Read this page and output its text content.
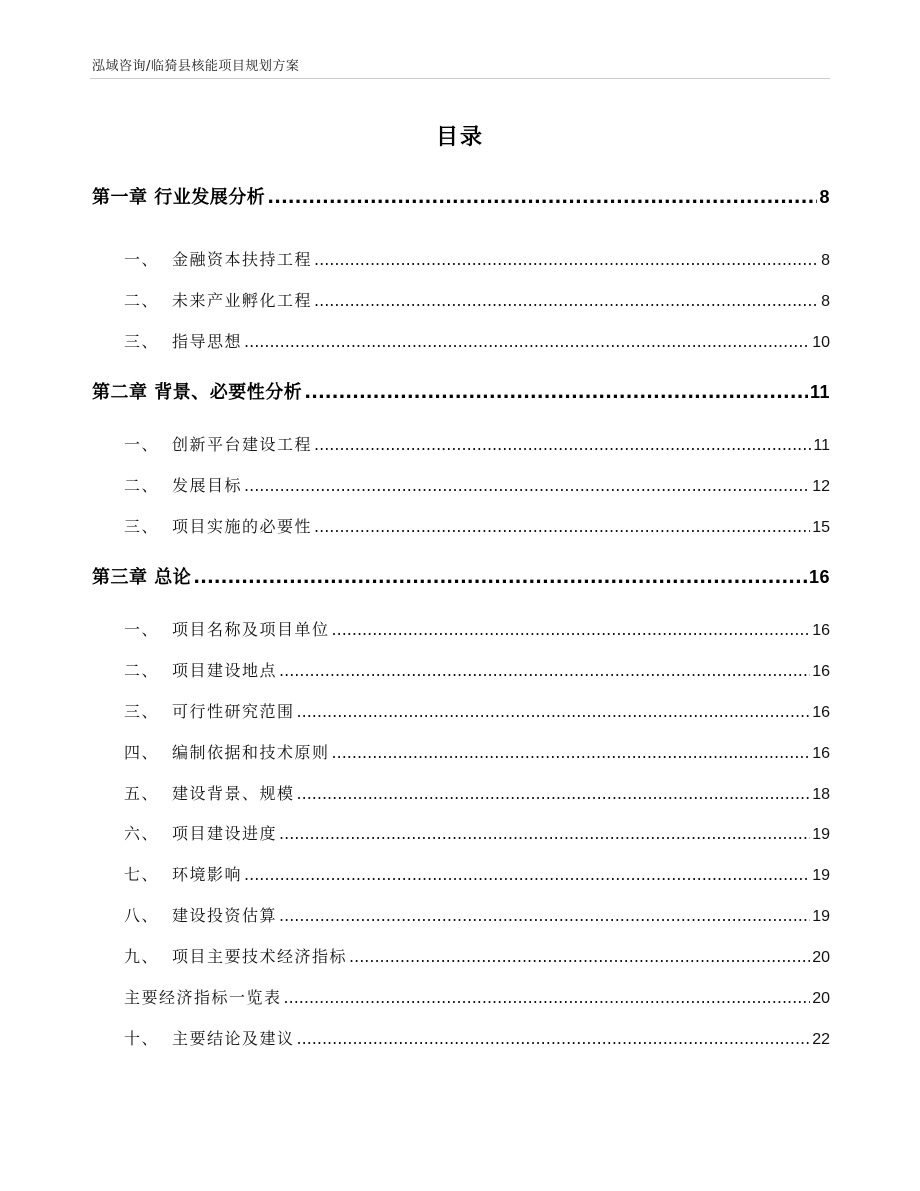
泓域咨询/临猗县核能项目规划方案
目录
第一章 行业发展分析 .....	8
一、 金融资本扶持工程 .....	8
二、 未来产业孵化工程 .....	8
三、 指导思想 .....	10
第二章 背景、必要性分析 .....	11
一、 创新平台建设工程 .....	11
二、 发展目标 .....	12
三、 项目实施的必要性 .....	15
第三章 总论 .....	16
一、 项目名称及项目单位 .....	16
二、 项目建设地点 .....	16
三、 可行性研究范围 .....	16
四、 编制依据和技术原则 .....	16
五、 建设背景、规模 .....	18
六、 项目建设进度 .....	19
七、 环境影响 .....	19
八、 建设投资估算 .....	19
九、 项目主要技术经济指标 .....	20
主要经济指标一览表 .....	20
十、 主要结论及建议 .....	22
